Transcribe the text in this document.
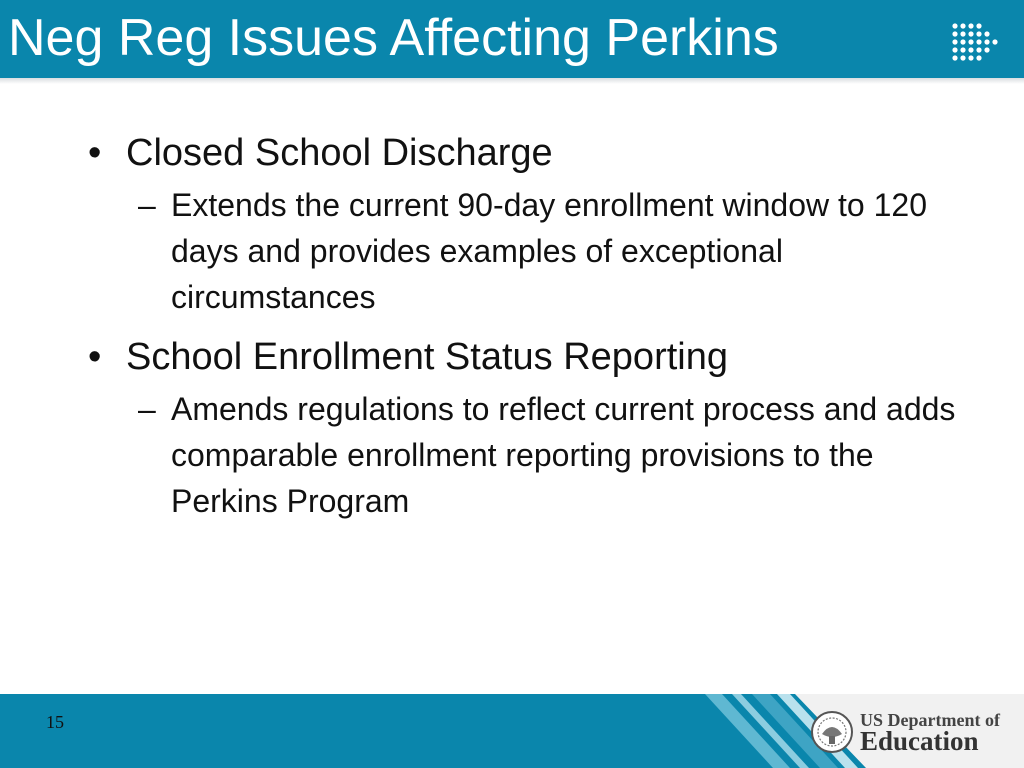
Neg Reg Issues Affecting Perkins
• Closed School Discharge
– Extends the current 90-day enrollment window to 120 days and provides examples of exceptional circumstances
• School Enrollment Status Reporting
– Amends regulations to reflect current process and adds comparable enrollment reporting provisions to the Perkins Program
15	US Department of
Education
